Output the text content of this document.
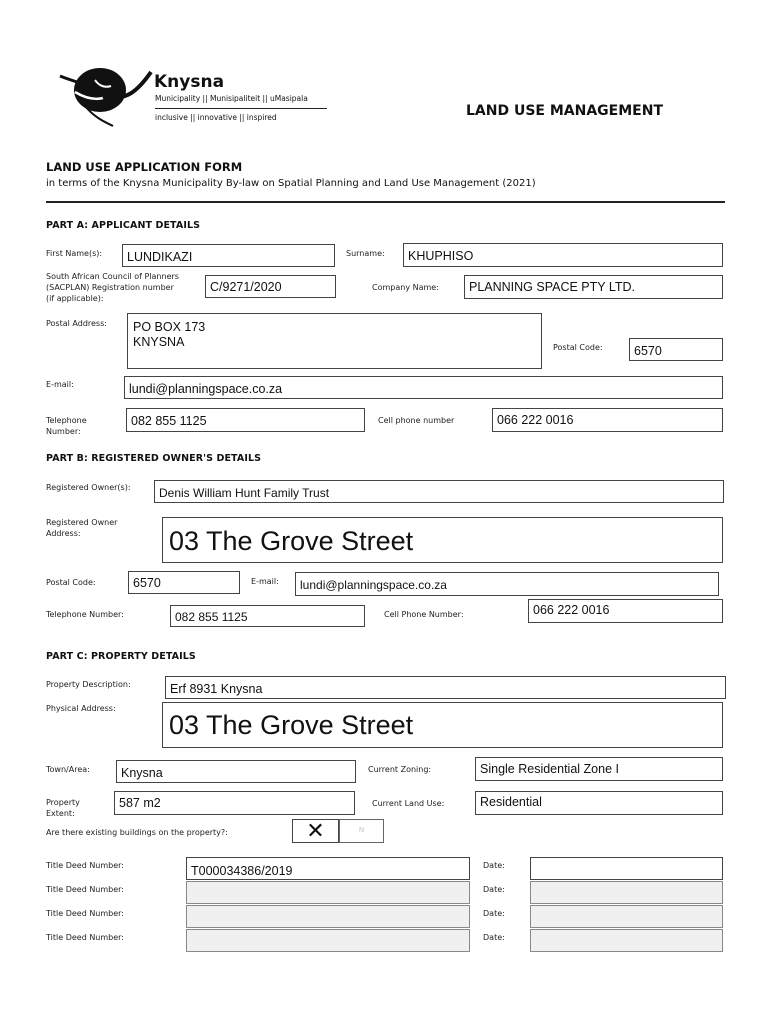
Knysna
Municipality || Munisipaliteit || uMasipala
inclusive || innovative || inspired	LAND USE MANAGEMENT
LAND USE APPLICATION FORM
in terms of the Knysna Municipality By-law on Spatial Planning and Land Use Management (2021)
PART A: APPLICANT DETAILS
First Name(s):	LUNDIKAZI	Surname:	KHUPHISO
South African Council of Planners
(SACPLAN) Registration number
(if applicable):
C/9271/2020	Company Name:	PLANNING SPACE PTY LTD.
Postal Address:	PO BOX 173
KNYSNA	Postal Code:	6570
E-mail:	lundi@planningspace.co.za
Telephone
Number:
082 855 1125	Cell phone number	066 222 0016
PART B: REGISTERED OWNER'S DETAILS
Registered Owner(s):	Denis William Hunt Family Trust
Registered Owner
Address:	03 The Grove Street
Postal Code:	6570	E-mail:	lundi@planningspace.co.za
Telephone Number:	082 855 1125	Cell Phone Number:	066 222 0016
PART C: PROPERTY DETAILS
Property Description:	Erf 8931 Knysna
Physical Address:
03 The Grove Street
Town/Area:	Knysna	Current Zoning:	Single Residential Zone I
Property
Extent:
587 m2	Current Land Use:	Residential
Are there existing buildings on the property?:	✕	N
Title Deed Number:	T000034386/2019	Date:
Title Deed Number:	Date:
Title Deed Number:	Date:
Title Deed Number:	Date:
